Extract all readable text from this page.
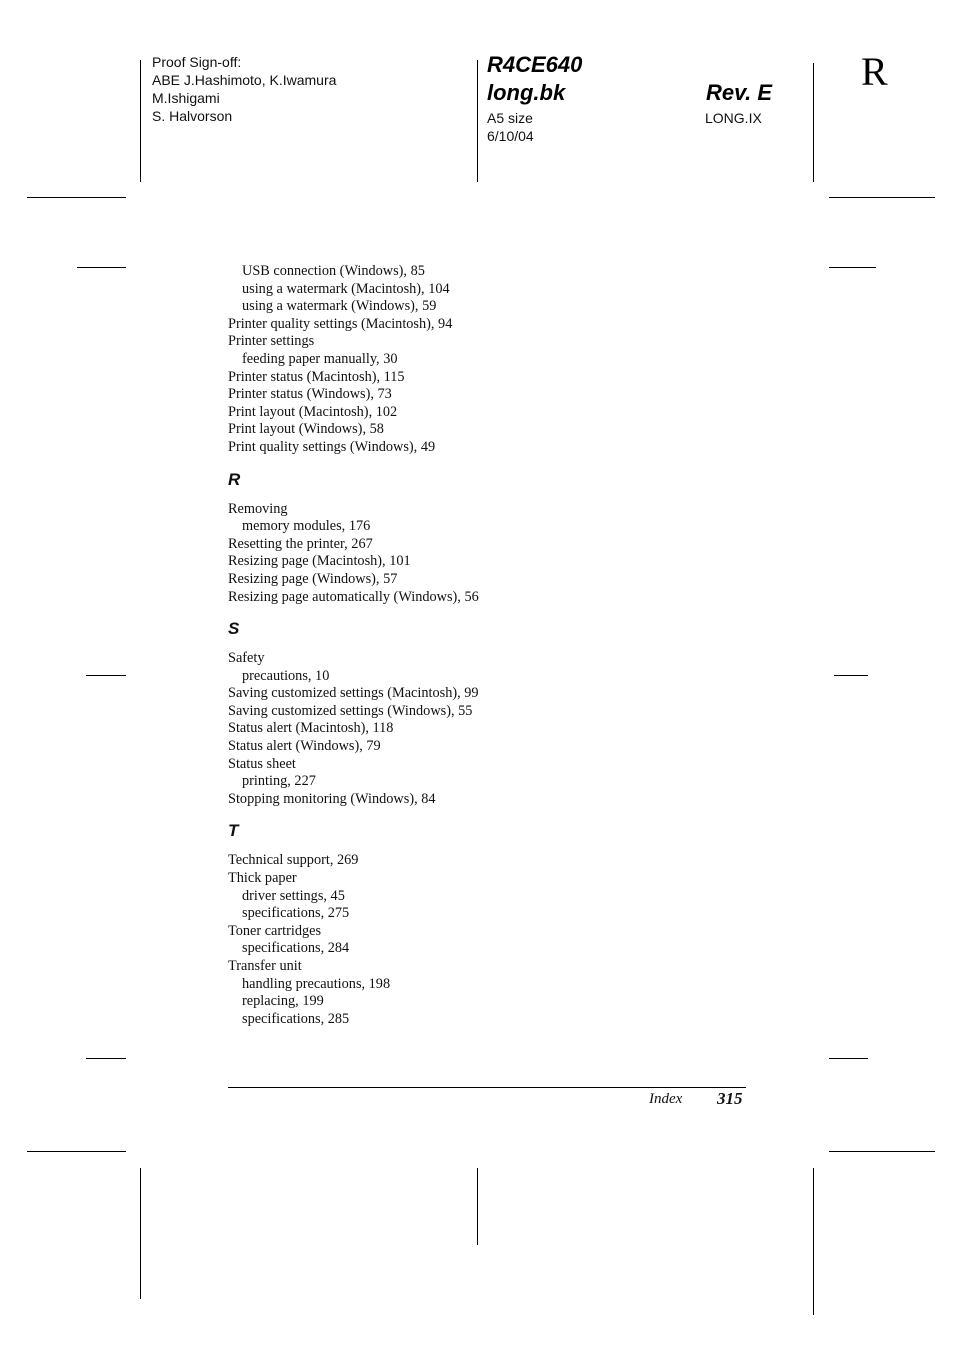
Proof Sign-off:
ABE J.Hashimoto, K.Iwamura
M.Ishigami
S. Halvorson
R4CE640
long.bk
A5 size
6/10/04
Rev. E
LONG.IX
R
USB connection (Windows), 85
using a watermark (Macintosh), 104
using a watermark (Windows), 59
Printer quality settings (Macintosh), 94
Printer settings
feeding paper manually, 30
Printer status (Macintosh), 115
Printer status (Windows), 73
Print layout (Macintosh), 102
Print layout (Windows), 58
Print quality settings (Windows), 49
R
Removing
memory modules, 176
Resetting the printer, 267
Resizing page (Macintosh), 101
Resizing page (Windows), 57
Resizing page automatically (Windows), 56
S
Safety
precautions, 10
Saving customized settings (Macintosh), 99
Saving customized settings (Windows), 55
Status alert (Macintosh), 118
Status alert (Windows), 79
Status sheet
printing, 227
Stopping monitoring (Windows), 84
T
Technical support, 269
Thick paper
driver settings, 45
specifications, 275
Toner cartridges
specifications, 284
Transfer unit
handling precautions, 198
replacing, 199
specifications, 285
Index 315
